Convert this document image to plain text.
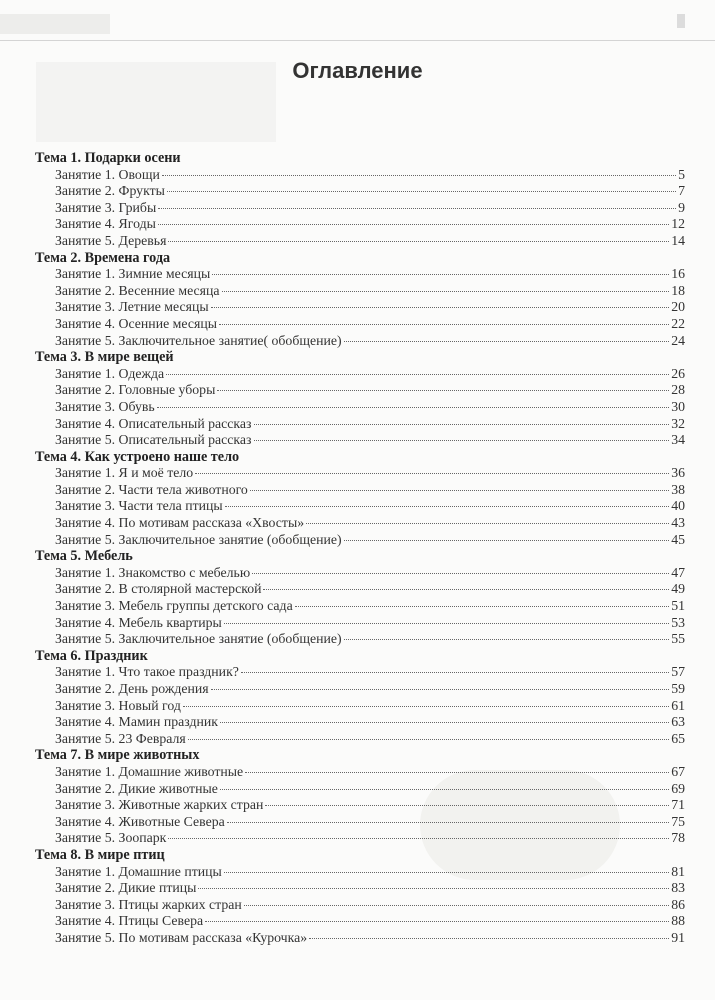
Оглавление
Тема 1. Подарки осени
Занятие 1. Овощи	5
Занятие 2. Фрукты	7
Занятие 3. Грибы	9
Занятие 4. Ягоды	12
Занятие 5. Деревья	14
Тема 2. Времена года
Занятие 1. Зимние месяцы	16
Занятие 2. Весенние месяца	18
Занятие 3. Летние месяцы	20
Занятие 4. Осенние месяцы	22
Занятие 5. Заключительное занятие( обобщение)	24
Тема 3. В мире вещей
Занятие 1. Одежда	26
Занятие 2. Головные уборы	28
Занятие 3. Обувь	30
Занятие 4. Описательный рассказ	32
Занятие 5. Описательный рассказ	34
Тема 4. Как устроено наше тело
Занятие 1. Я и моё тело	36
Занятие 2. Части тела животного	38
Занятие 3. Части тела птицы	40
Занятие 4. По мотивам рассказа «Хвосты»	43
Занятие 5. Заключительное занятие (обобщение)	45
Тема 5. Мебель
Занятие 1. Знакомство с мебелью	47
Занятие 2. В столярной мастерской	49
Занятие 3. Мебель группы детского сада	51
Занятие 4. Мебель квартиры	53
Занятие 5. Заключительное занятие (обобщение)	55
Тема 6. Праздник
Занятие 1. Что такое праздник?	57
Занятие 2. День рождения	59
Занятие 3. Новый год	61
Занятие 4. Мамин праздник	63
Занятие 5. 23 Февраля	65
Тема 7. В мире животных
Занятие 1. Домашние животные	67
Занятие 2. Дикие животные	69
Занятие 3. Животные жарких стран	71
Занятие 4. Животные Севера	75
Занятие 5. Зоопарк	78
Тема 8. В мире птиц
Занятие 1. Домашние птицы	81
Занятие 2. Дикие птицы	83
Занятие 3. Птицы жарких стран	86
Занятие 4. Птицы Севера	88
Занятие 5. По мотивам рассказа «Курочка»	91
